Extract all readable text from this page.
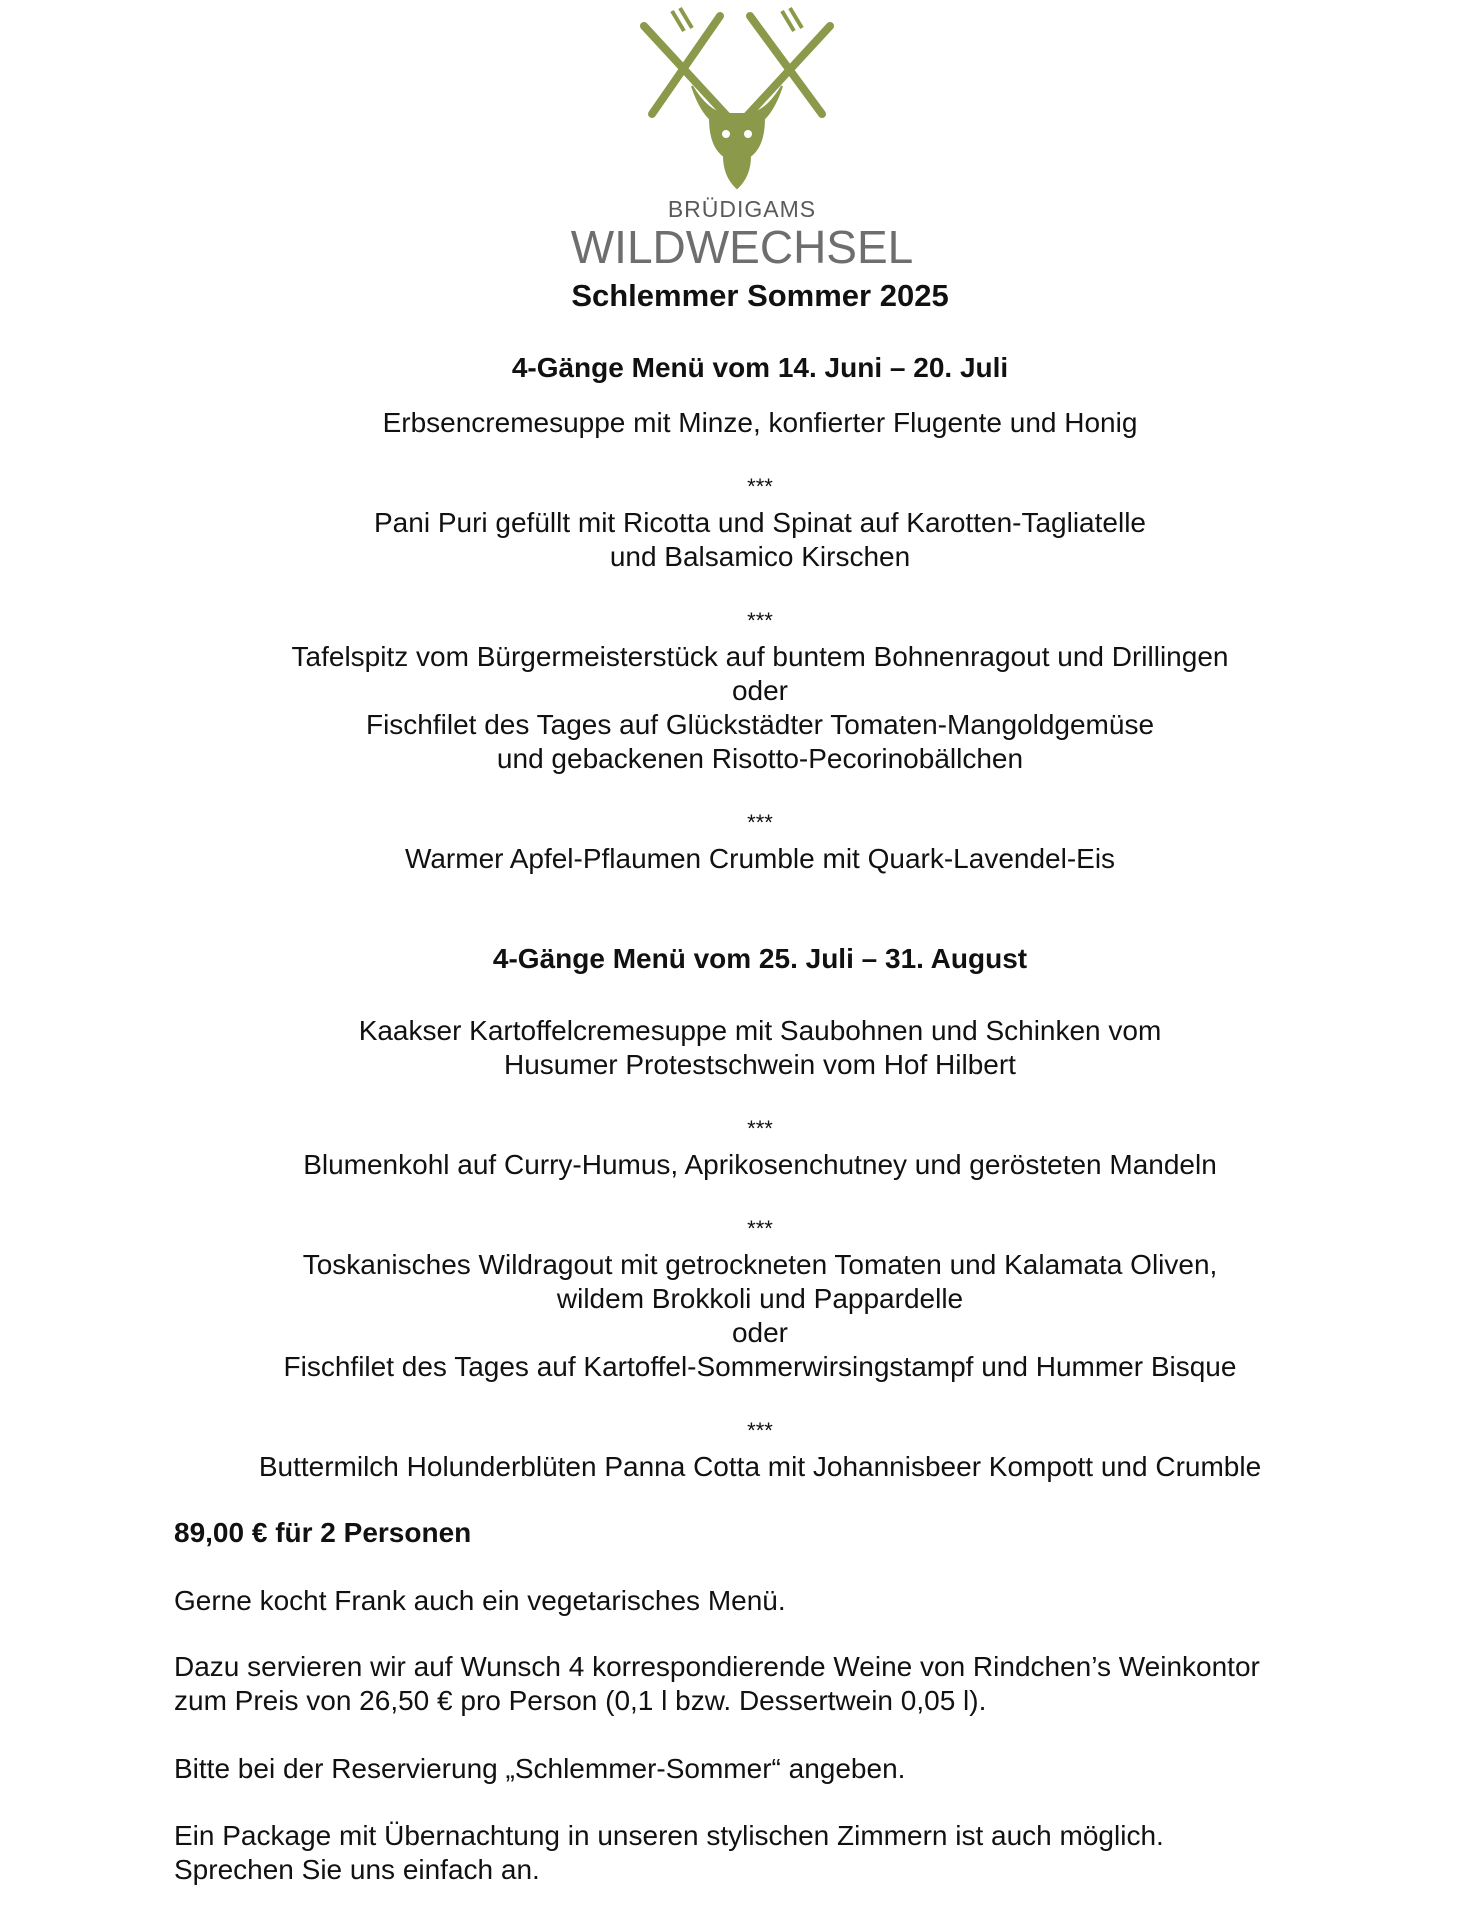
BRÜDIGAMS
WILDWECHSEL
Schlemmer Sommer 2025
4-Gänge Menü vom 14. Juni – 20. Juli
Erbsencremesuppe mit Minze, konfierter Flugente und Honig
***
Pani Puri gefüllt mit Ricotta und Spinat auf Karotten-Tagliatelle
und Balsamico Kirschen
***
Tafelspitz vom Bürgermeisterstück auf buntem Bohnenragout und Drillingen
oder
Fischfilet des Tages auf Glückstädter Tomaten-Mangoldgemüse
und gebackenen Risotto-Pecorinobällchen
***
Warmer Apfel-Pflaumen Crumble mit Quark-Lavendel-Eis
4-Gänge Menü vom 25. Juli – 31. August
Kaakser Kartoffelcremesuppe mit Saubohnen und Schinken vom
Husumer Protestschwein vom Hof Hilbert
***
Blumenkohl auf Curry-Humus, Aprikosenchutney und gerösteten Mandeln
***
Toskanisches Wildragout mit getrockneten Tomaten und Kalamata Oliven,
wildem Brokkoli und Pappardelle
oder
Fischfilet des Tages auf Kartoffel-Sommerwirsingstampf und Hummer Bisque
***
Buttermilch Holunderblüten Panna Cotta mit Johannisbeer Kompott und Crumble
89,00 € für 2 Personen
Gerne kocht Frank auch ein vegetarisches Menü.
Dazu servieren wir auf Wunsch 4 korrespondierende Weine von Rindchen’s Weinkontor
zum Preis von 26,50 € pro Person (0,1 l bzw. Dessertwein 0,05 l).
Bitte bei der Reservierung „Schlemmer-Sommer“ angeben.
Ein Package mit Übernachtung in unseren stylischen Zimmern ist auch möglich.
Sprechen Sie uns einfach an.
